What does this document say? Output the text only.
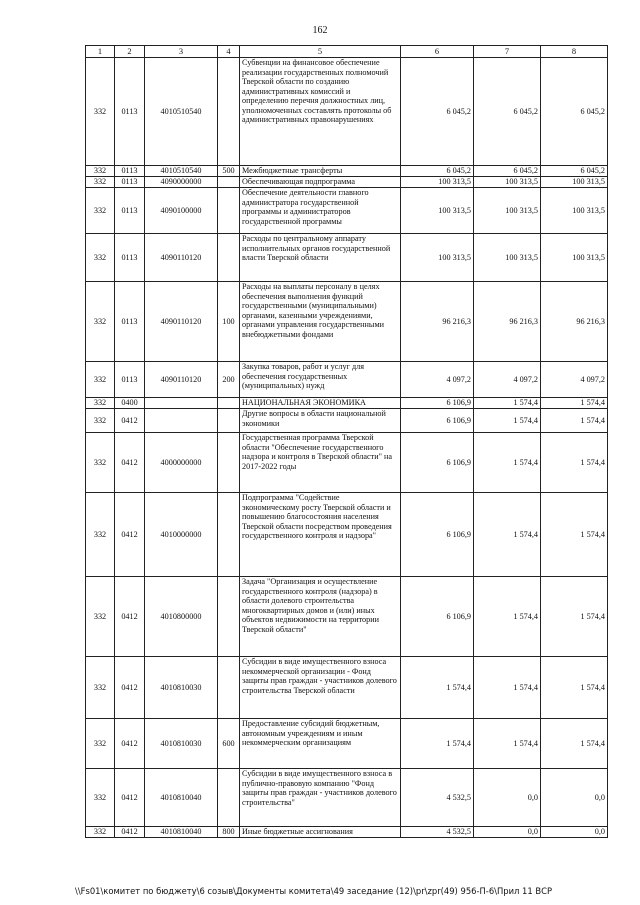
162
1	2	3	4	5	6	7	8
332	0113	4010510540		Субвенции на финансовое обеспечение реализации государственных полномочий Тверской области по созданию административных комиссий и определению перечня должностных лиц, уполномоченных составлять протоколы об административных правонарушениях	6 045,2	6 045,2	6 045,2
332	0113	4010510540	500	Межбюджетные трансферты	6 045,2	6 045,2	6 045,2
332	0113	4090000000		Обеспечивающая подпрограмма	100 313,5	100 313,5	100 313,5
332	0113	4090100000		Обеспечение деятельности главного администратора государственной программы и администраторов государственной программы	100 313,5	100 313,5	100 313,5
332	0113	4090110120		Расходы по центральному аппарату исполнительных органов государственной власти Тверской области	100 313,5	100 313,5	100 313,5
332	0113	4090110120	100	Расходы на выплаты персоналу в целях обеспечения выполнения функций государственными (муниципальными) органами, казенными учреждениями, органами управления государственными внебюджетными фондами	96 216,3	96 216,3	96 216,3
332	0113	4090110120	200	Закупка товаров, работ и услуг для обеспечения государственных (муниципальных) нужд	4 097,2	4 097,2	4 097,2
332	0400			НАЦИОНАЛЬНАЯ ЭКОНОМИКА	6 106,9	1 574,4	1 574,4
332	0412			Другие вопросы в области национальной экономики	6 106,9	1 574,4	1 574,4
332	0412	4000000000		Государственная программа Тверской области "Обеспечение государственного надзора и контроля в Тверской области" на 2017-2022 годы	6 106,9	1 574,4	1 574,4
332	0412	4010000000		Подпрограмма "Содействие экономическому росту Тверской области и повышению благосостояния населения Тверской области посредством проведения государственного контроля и надзора"	6 106,9	1 574,4	1 574,4
332	0412	4010800000		Задача "Организация и осуществление государственного контроля (надзора) в области долевого строительства многоквартирных домов и (или) иных объектов недвижимости на территории Тверской области"	6 106,9	1 574,4	1 574,4
332	0412	4010810030		Субсидии в виде имущественного взноса некоммерческой организации - Фонд защиты прав граждан - участников долевого строительства Тверской области	1 574,4	1 574,4	1 574,4
332	0412	4010810030	600	Предоставление субсидий бюджетным, автономным учреждениям и иным некоммерческим организациям	1 574,4	1 574,4	1 574,4
332	0412	4010810040		Субсидии в виде имущественного взноса в публично-правовую компанию "Фонд защиты прав граждан - участников долевого строительства"	4 532,5	0,0	0,0
332	0412	4010810040	800	Иные бюджетные ассигнования	4 532,5	0,0	0,0
\\Fs01\комитет по бюджету\6 созыв\Документы комитета\49 заседание (12)\pr\zpr(49) 956-П-6\Прил 11 ВСР
